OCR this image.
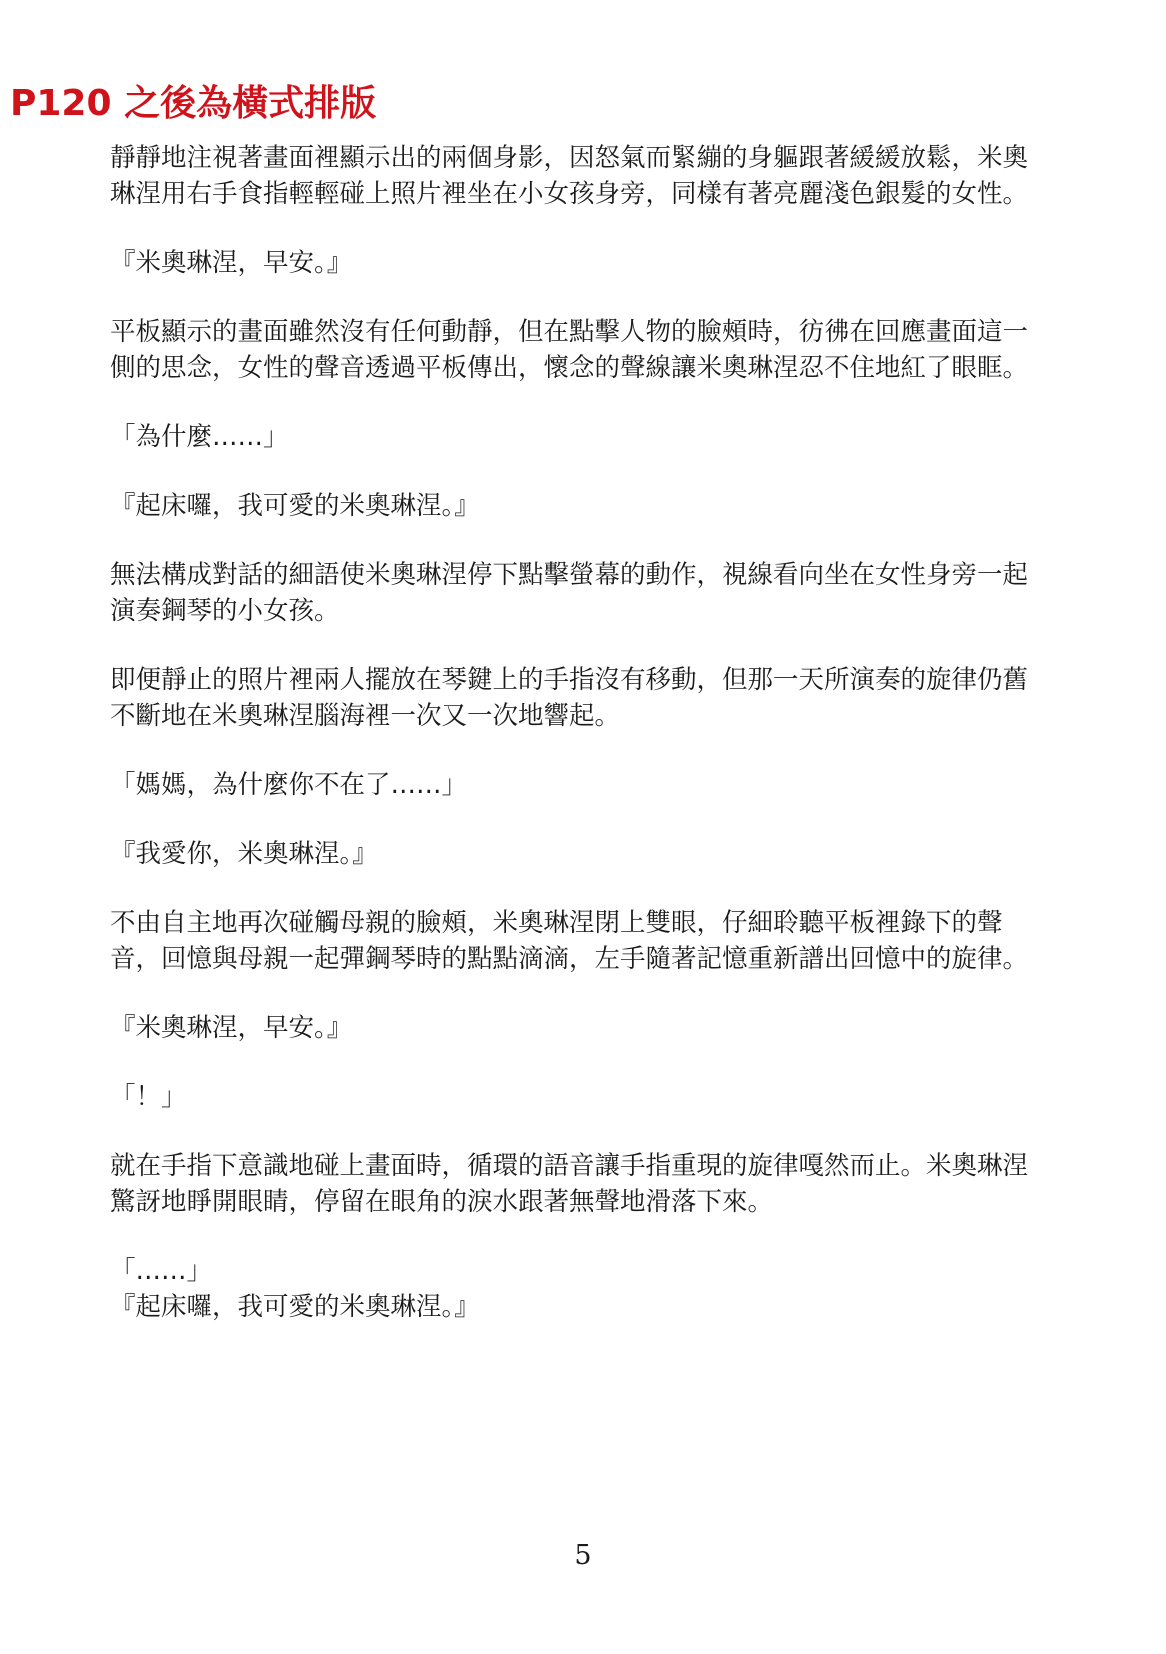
P120 之後為橫式排版

靜靜地注視著畫面裡顯示出的兩個身影，因怒氣而緊繃的身軀跟著緩緩放鬆，米奧琳涅用右手食指輕輕碰上照片裡坐在小女孩身旁，同樣有著亮麗淺色銀髮的女性。

『米奧琳涅，早安。』

平板顯示的畫面雖然沒有任何動靜，但在點擊人物的臉頰時，彷彿在回應畫面這一側的思念，女性的聲音透過平板傳出，懷念的聲線讓米奧琳涅忍不住地紅了眼眶。

「為什麼……」

『起床囉，我可愛的米奧琳涅。』

無法構成對話的細語使米奧琳涅停下點擊螢幕的動作，視線看向坐在女性身旁一起演奏鋼琴的小女孩。

即便靜止的照片裡兩人擺放在琴鍵上的手指沒有移動，但那一天所演奏的旋律仍舊不斷地在米奧琳涅腦海裡一次又一次地響起。

「媽媽，為什麼你不在了……」

『我愛你，米奧琳涅。』

不由自主地再次碰觸母親的臉頰，米奧琳涅閉上雙眼，仔細聆聽平板裡錄下的聲音，回憶與母親一起彈鋼琴時的點點滴滴，左手隨著記憶重新譜出回憶中的旋律。

『米奧琳涅，早安。』

「！」

就在手指下意識地碰上畫面時，循環的語音讓手指重現的旋律嘎然而止。米奧琳涅驚訝地睜開眼睛，停留在眼角的淚水跟著無聲地滑落下來。

「……」

『起床囉，我可愛的米奧琳涅。』

5
